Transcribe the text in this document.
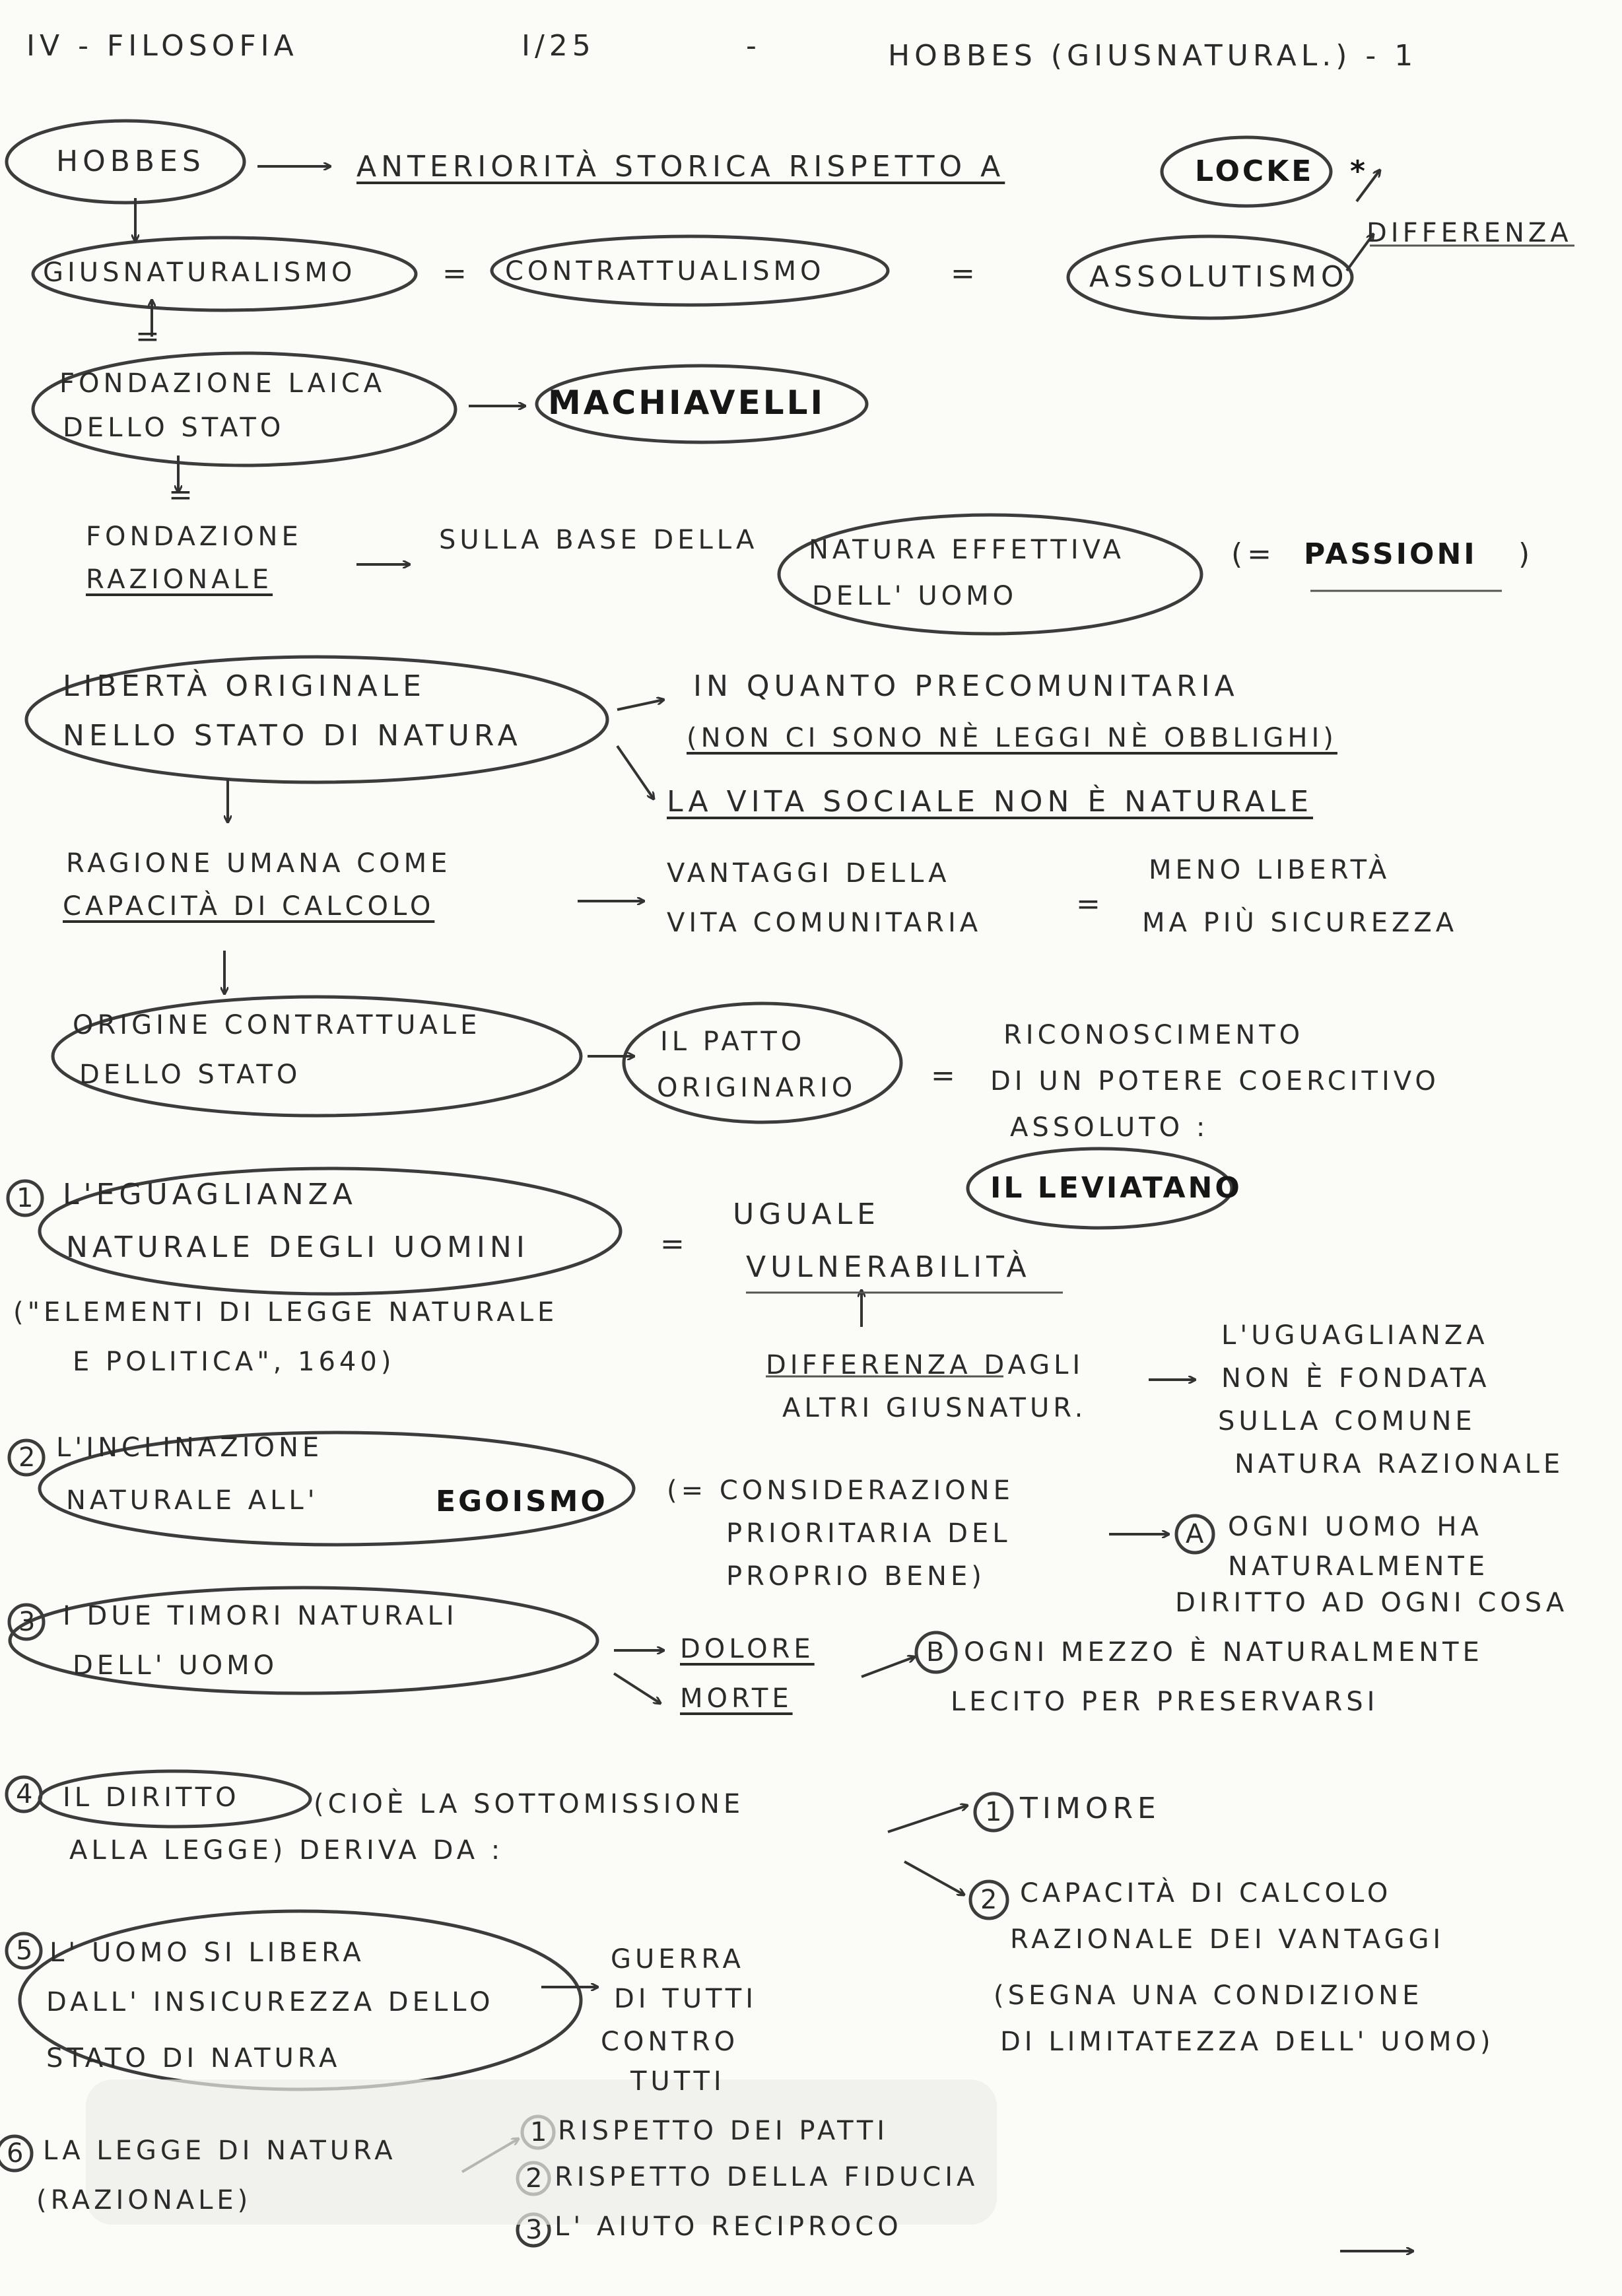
IV - FILOSOFIA	I/25	-	HOBBES (GIUSNATURAL.) - 1
HOBBES	ANTERIORITÀ STORICA RISPETTO A	LOCKE *
DIFFERENZA
GIUSNATURALISMO	= CONTRATTUALISMO	=	ASSOLUTISMO
=
FONDAZIONE LAICA
DELLO STATO
MACHIAVELLI
=
FONDAZIONE
RAZIONALE
SULLA BASE DELLA NATURA EFFETTIVA
DELL' UOMO
(= PASSIONI )
LIBERTÀ ORIGINALE
NELLO STATO DI NATURA
IN QUANTO PRECOMUNITARIA
(NON CI SONO NÈ LEGGI NÈ OBBLIGHI)
LA VITA SOCIALE NON È NATURALE
RAGIONE UMANA COME
CAPACITÀ DI CALCOLO
VANTAGGI DELLA
VITA COMUNITARIA
=
MENO LIBERTÀ
MA PIÙ SICUREZZA
ORIGINE CONTRATTUALE
DELLO STATO
IL PATTO
ORIGINARIO	=
RICONOSCIMENTO
DI UN POTERE COERCITIVO
ASSOLUTO :
IL LEVIATANO
1 L'EGUAGLIANZA
NATURALE DEGLI UOMINI	=
UGUALE
VULNERABILITÀ
("ELEMENTI DI LEGGE NATURALE
E POLITICA", 1640)	DIFFERENZA DAGLI
ALTRI GIUSNATUR.
L'UGUAGLIANZA
NON È FONDATA
SULLA COMUNE
NATURA RAZIONALE
2 L'INCLINAZIONE
NATURALE ALL'	EGOISMO (= CONSIDERAZIONE
PRIORITARIA DEL
PROPRIO BENE)
A OGNI UOMO HA
NATURALMENTE
DIRITTO AD OGNI COSA
3 I DUE TIMORI NATURALI
DELL' UOMO
DOLORE
MORTE
B OGNI MEZZO È NATURALMENTE
LECITO PER PRESERVARSI
4 IL DIRITTO	(CIOÈ LA SOTTOMISSIONE
ALLA LEGGE) DERIVA DA :
1 TIMORE
2 CAPACITÀ DI CALCOLO
RAZIONALE DEI VANTAGGI
(SEGNA UNA CONDIZIONE
DI LIMITATEZZA DELL' UOMO)
5 L' UOMO SI LIBERA
DALL' INSICUREZZA DELLO
STATO DI NATURA
GUERRA
DI TUTTI
CONTRO
TUTTI
6 LA LEGGE DI NATURA
(RAZIONALE)
1 RISPETTO DEI PATTI
2 RISPETTO DELLA FIDUCIA
3 L' AIUTO RECIPROCO
